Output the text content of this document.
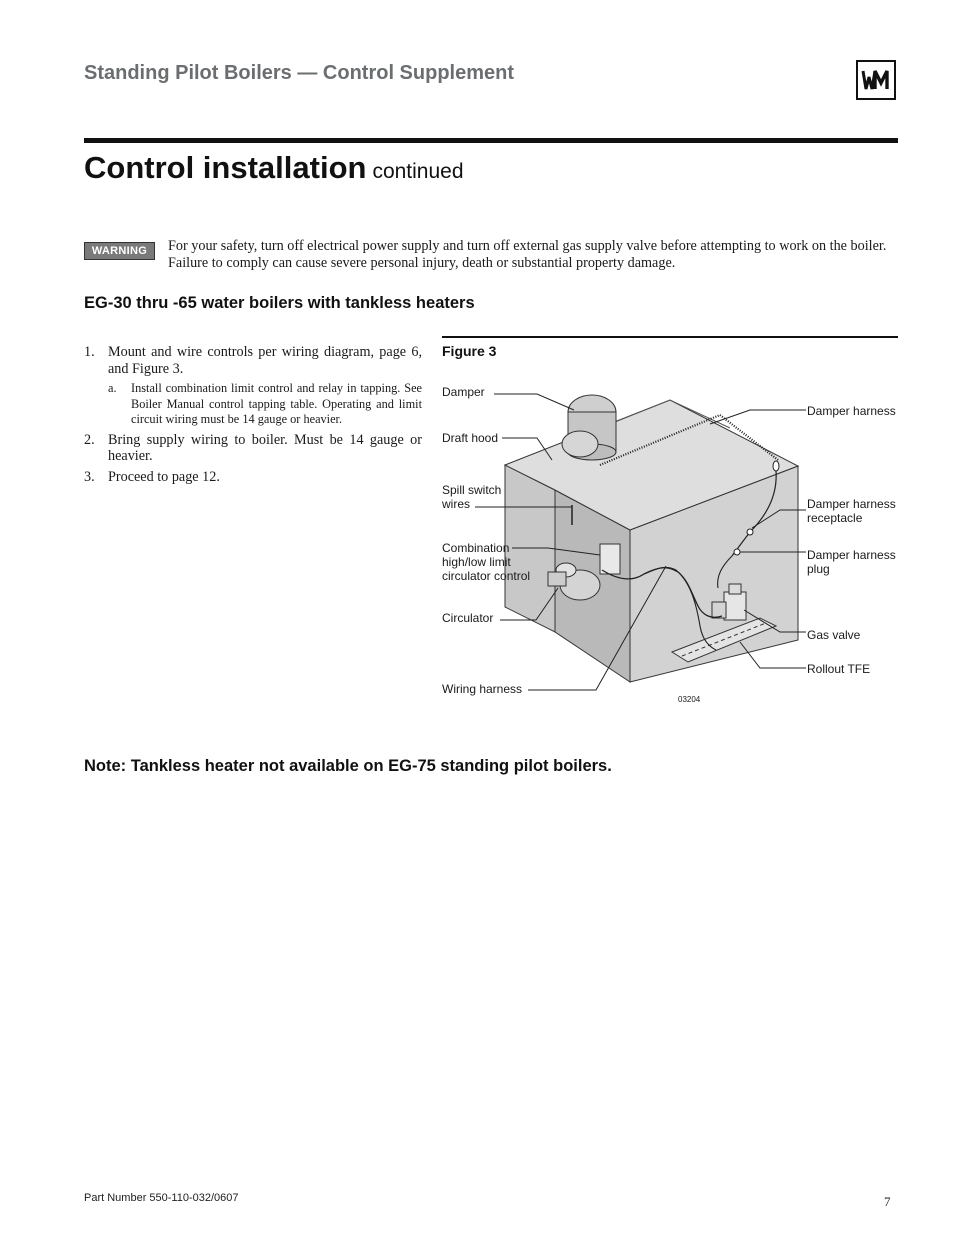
Standing Pilot Boilers — Control Supplement
Control installation continued
WARNING	For your safety, turn off electrical power supply and turn off external gas supply valve before attempting to work on the boiler. Failure to comply can cause severe personal injury, death or substantial property damage.
EG-30 thru -65 water boilers with tankless heaters
1. Mount and wire controls per wiring diagram, page 6, and Figure 3.
a. Install combination limit control and relay in tapping. See Boiler Manual control tapping table. Operating and limit circuit wiring must be 14 gauge or heavier.
2. Bring supply wiring to boiler. Must be 14 gauge or heavier.
3. Proceed to page 12.
Figure 3
Damper
Draft hood
Spill switch
wires
Combination
high/low limit
circulator control
Circulator
Wiring harness
Damper harness
Damper harness
receptacle
Damper harness
plug
Gas valve
Rollout TFE
03204
Note: Tankless heater not available on EG-75 standing pilot boilers.
Part Number 550-110-032/0607	7
